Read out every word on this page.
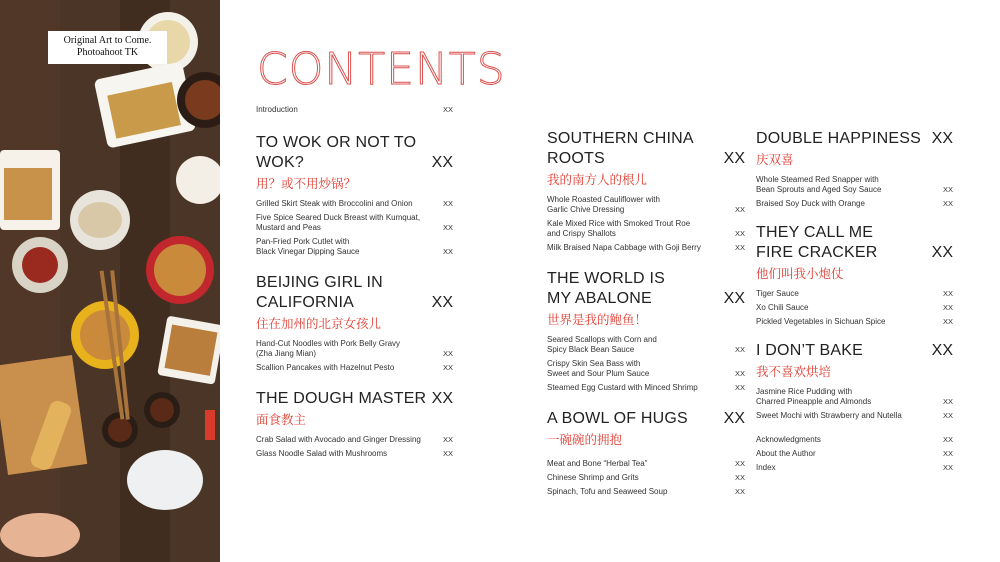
Original Art to Come.
Photoahoot TK	CONTENTS
Introduction	XX
TO WOK OR NOT TO WOK?	XX
用？或不用炒锅？
Grilled Skirt Steak with Broccolini and Onion	XX
Five Spice Seared Duck Breast with Kumquat,
Mustard and Peas	XX
Pan-Fried Pork Cutlet with
Black Vinegar Dipping Sauce	XX
BEIJING GIRL IN
CALIFORNIA	XX
住在加州的北京女孩儿
Hand-Cut Noodles with Pork Belly Gravy
(Zha Jiang Mian)	XX
Scallion Pancakes with Hazelnut Pesto	XX
THE DOUGH MASTER XX
面食教主
Crab Salad with Avocado and Ginger Dressing	XX
Glass Noodle Salad with Mushrooms	XX
SOUTHERN CHINA ROOTS	XX
我的南方人的根儿
Whole Roasted Cauliflower with
Garlic Chive Dressing	XX
Kale Mixed Rice with Smoked Trout Roe
and Crispy Shallots	XX
Milk Braised Napa Cabbage with Goji Berry	XX
THE WORLD IS
MY ABALONE	XX
世界是我的鲍鱼！
Seared Scallops with Corn and
Spicy Black Bean Sauce	XX
Crispy Skin Sea Bass with
Sweet and Sour Plum Sauce	XX
Steamed Egg Custard with Minced Shrimp	XX
A BOWL OF HUGS XX
一碗碗的拥抱
Meat and Bone “Herbal Tea”	XX
Chinese Shrimp and Grits	XX
Spinach, Tofu and Seaweed Soup	XX
DOUBLE HAPPINESS XX
庆双喜
Whole Steamed Red Snapper with
Bean Sprouts and Aged Soy Sauce	XX
Braised Soy Duck with Orange	XX
THEY CALL ME
FIRE CRACKER	XX
他们叫我小炮仗
Tiger Sauce	XX
Xo Chili Sauce	XX
Pickled Vegetables in Sichuan Spice	XX
I DON’T BAKE	XX
我不喜欢烘培
Jasmine Rice Pudding with
Charred Pineapple and Almonds	XX
Sweet Mochi with Strawberry and Nutella	XX
Acknowledgments	XX
About the Author	XX
Index	XX
